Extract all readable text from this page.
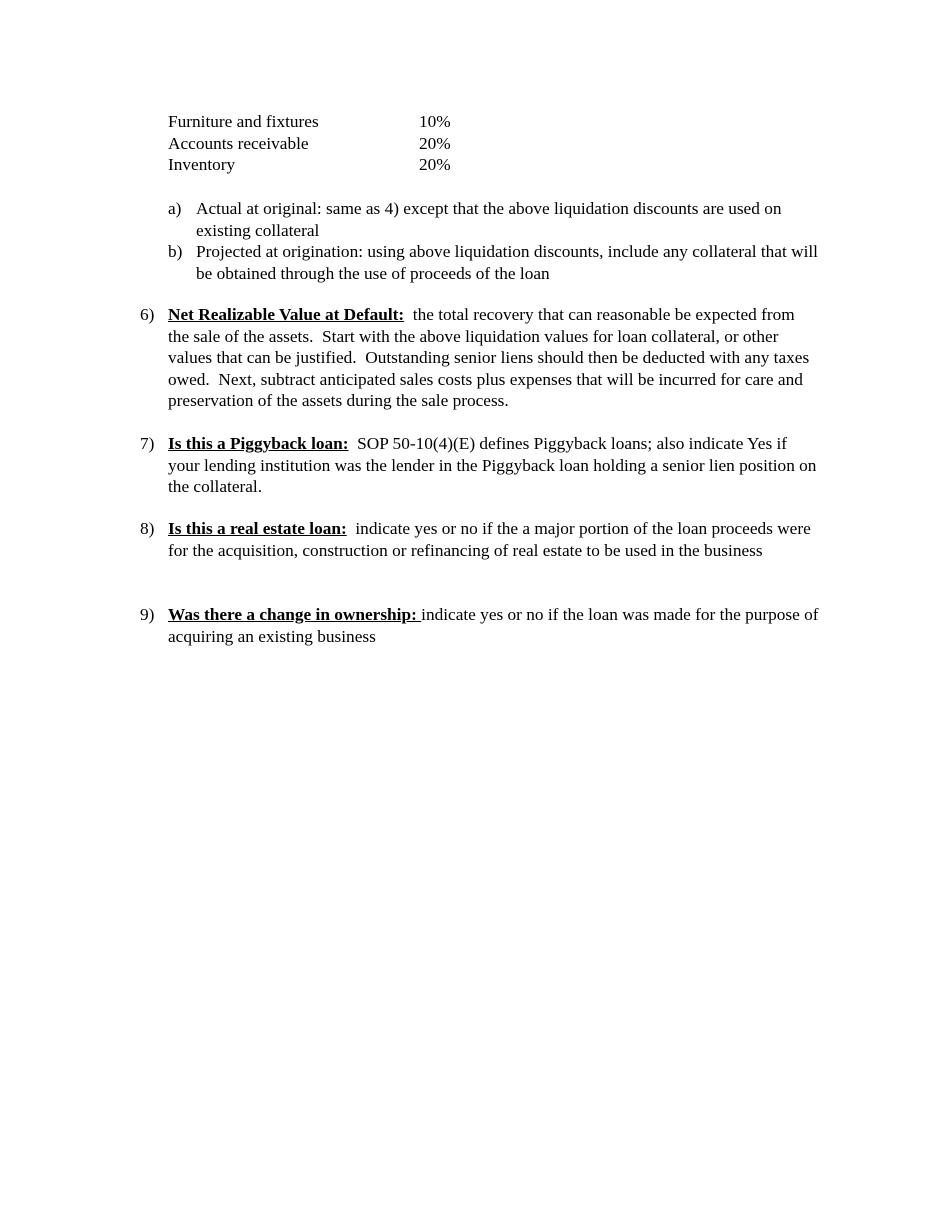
Furniture and fixtures	10%
Accounts receivable	20%
Inventory	20%
a) Actual at original: same as 4) except that the above liquidation discounts are used on existing collateral
b) Projected at origination: using above liquidation discounts, include any collateral that will be obtained through the use of proceeds of the loan
6) Net Realizable Value at Default:  the total recovery that can reasonable be expected from the sale of the assets.  Start with the above liquidation values for loan collateral, or other values that can be justified.  Outstanding senior liens should then be deducted with any taxes owed.  Next, subtract anticipated sales costs plus expenses that will be incurred for care and preservation of the assets during the sale process.
7) Is this a Piggyback loan:  SOP 50-10(4)(E) defines Piggyback loans; also indicate Yes if your lending institution was the lender in the Piggyback loan holding a senior lien position on the collateral.
8) Is this a real estate loan:  indicate yes or no if the a major portion of the loan proceeds were for the acquisition, construction or refinancing of real estate to be used in the business
9) Was there a change in ownership: indicate yes or no if the loan was made for the purpose of acquiring an existing business
